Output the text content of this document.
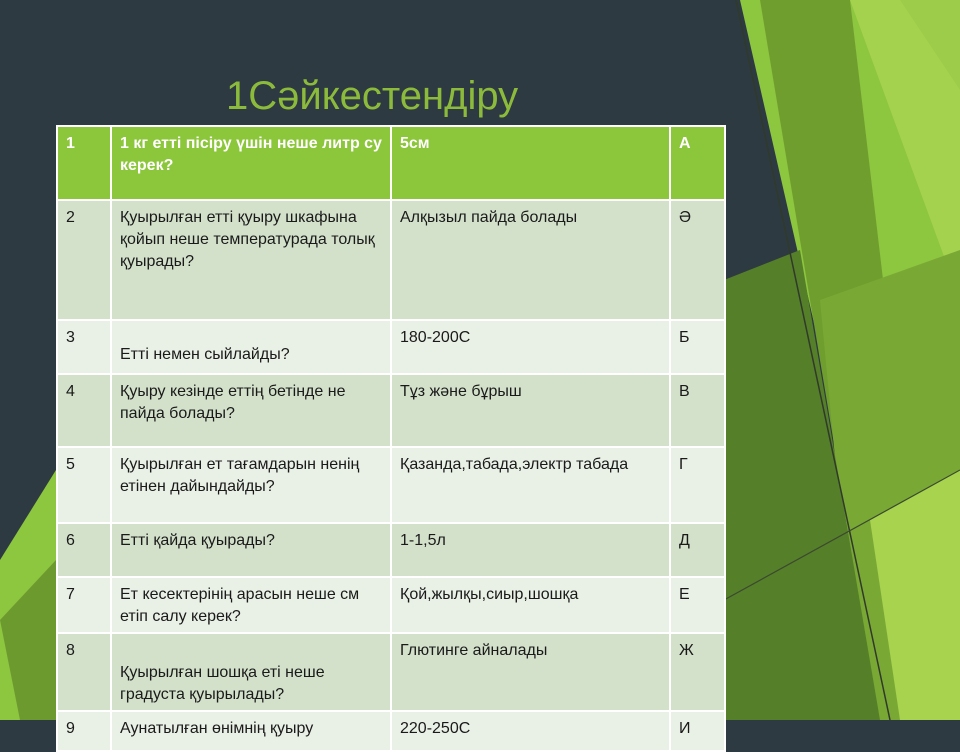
1Сәйкестендіру
1	1 кг етті пісіру үшін неше литр су керек?	5см	А
2	Қуырылған етті қуыру шкафына қойып неше температурада толық қуырады?	Алқызыл пайда болады	Ә
3	Етті немен сыйлайды?	180-200С	Б
4	Қуыру кезінде еттің бетінде не пайда болады?	Тұз және бұрыш	В
5	Қуырылған ет тағамдарын ненің етінен дайындайды?	Қазанда,табада,электр табада	Г
6	Етті қайда қуырады?	1-1,5л	Д
7	Ет кесектерінің арасын неше см етіп салу керек?	Қой,жылқы,сиыр,шошқа	Е
8	Қуырылған шошқа еті неше градуста қуырылады?	Глютинге айналады	Ж
9	Аунатылған өнімнің қуыру	220-250С	И
